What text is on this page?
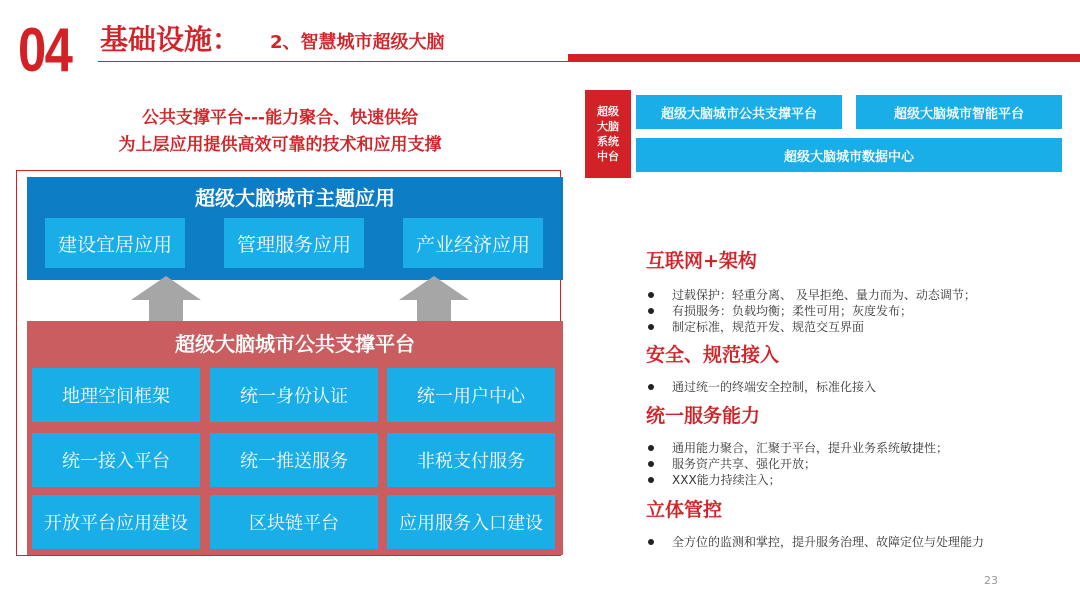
04 基础设施： 2、智慧城市超级大脑
公共支撑平台---能力聚合、快速供给
为上层应用提供高效可靠的技术和应用支撑
超级大脑城市主题应用
建设宜居应用	管理服务应用	产业经济应用
超级大脑城市公共支撑平台
地理空间框架	统一身份认证	统一用户中心
统一接入平台	统一推送服务	非税支付服务
开放平台应用建设	区块链平台	应用服务入口建设
超级
大脑
系统
中台
超级大脑城市公共支撑平台	超级大脑城市智能平台
超级大脑城市数据中心
互联网+架构
过载保护：轻重分离、 及早拒绝、量力而为、动态调节；
有损服务：负载均衡；柔性可用；灰度发布；
制定标准，规范开发、规范交互界面
安全、规范接入
通过统一的终端安全控制，标准化接入
统一服务能力
通用能力聚合，汇聚于平台，提升业务系统敏捷性；
服务资产共享、强化开放；
XXX能力持续注入；
立体管控
全方位的监测和掌控，提升服务治理、故障定位与处理能力
23
